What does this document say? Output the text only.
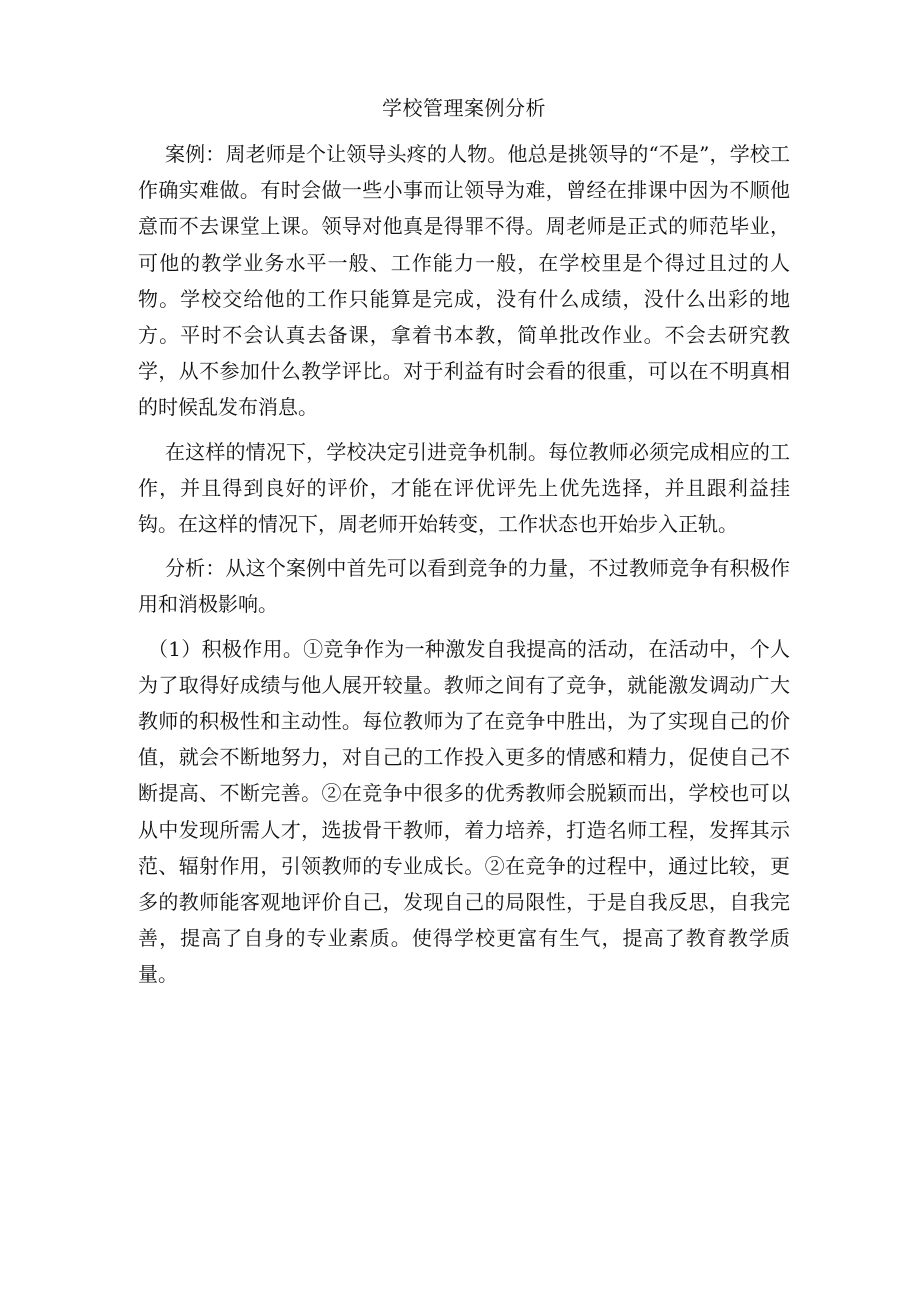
学校管理案例分析

案例：周老师是个让领导头疼的人物。他总是挑领导的“不是”，学校工作确实难做。有时会做一些小事而让领导为难，曾经在排课中因为不顺他意而不去课堂上课。领导对他真是得罪不得。周老师是正式的师范毕业，可他的教学业务水平一般、工作能力一般，在学校里是个得过且过的人物。学校交给他的工作只能算是完成，没有什么成绩，没什么出彩的地方。平时不会认真去备课，拿着书本教，简单批改作业。不会去研究教学，从不参加什么教学评比。对于利益有时会看的很重，可以在不明真相的时候乱发布消息。

在这样的情况下，学校决定引进竞争机制。每位教师必须完成相应的工作，并且得到良好的评价，才能在评优评先上优先选择，并且跟利益挂钩。在这样的情况下，周老师开始转变，工作状态也开始步入正轨。

分析：从这个案例中首先可以看到竞争的力量，不过教师竞争有积极作用和消极影响。

（1）积极作用。①竞争作为一种激发自我提高的活动，在活动中，个人为了取得好成绩与他人展开较量。教师之间有了竞争，就能激发调动广大教师的积极性和主动性。每位教师为了在竞争中胜出，为了实现自己的价值，就会不断地努力，对自己的工作投入更多的情感和精力，促使自己不断提高、不断完善。②在竞争中很多的优秀教师会脱颖而出，学校也可以从中发现所需人才，选拔骨干教师，着力培养，打造名师工程，发挥其示范、辐射作用，引领教师的专业成长。②在竞争的过程中，通过比较，更多的教师能客观地评价自己，发现自己的局限性，于是自我反思，自我完善，提高了自身的专业素质。使得学校更富有生气，提高了教育教学质量。
